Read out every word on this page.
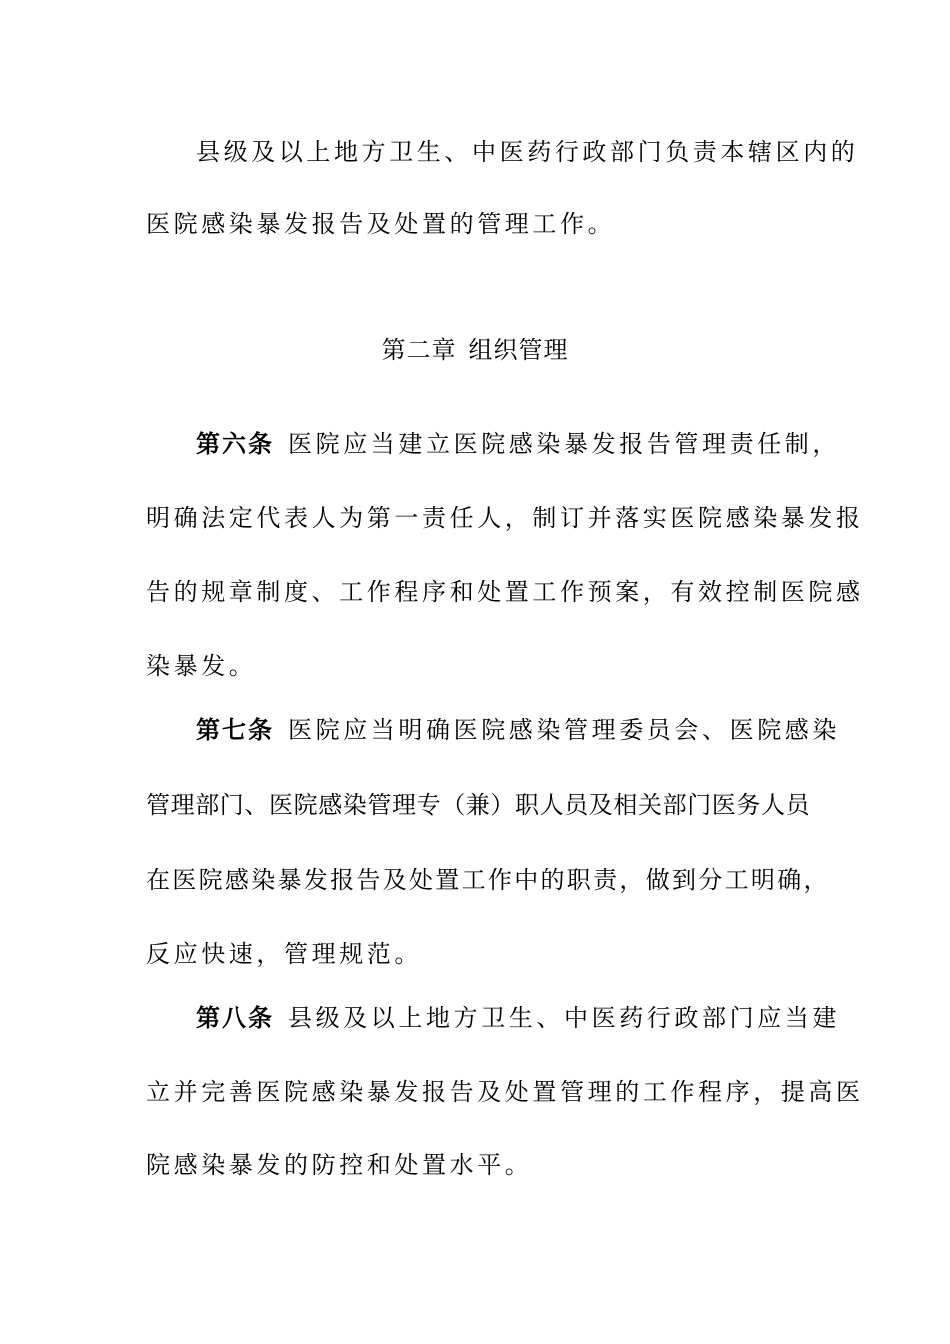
县级及以上地方卫生、中医药行政部门负责本辖区内的
医院感染暴发报告及处置的管理工作。
第二章 组织管理
第六条 医院应当建立医院感染暴发报告管理责任制，
明确法定代表人为第一责任人，制订并落实医院感染暴发报
告的规章制度、工作程序和处置工作预案，有效控制医院感
染暴发。
第七条 医院应当明确医院感染管理委员会、医院感染
管理部门、医院感染管理专（兼）职人员及相关部门医务人员
在医院感染暴发报告及处置工作中的职责，做到分工明确，
反应快速，管理规范。
第八条 县级及以上地方卫生、中医药行政部门应当建
立并完善医院感染暴发报告及处置管理的工作程序，提高医
院感染暴发的防控和处置水平。
